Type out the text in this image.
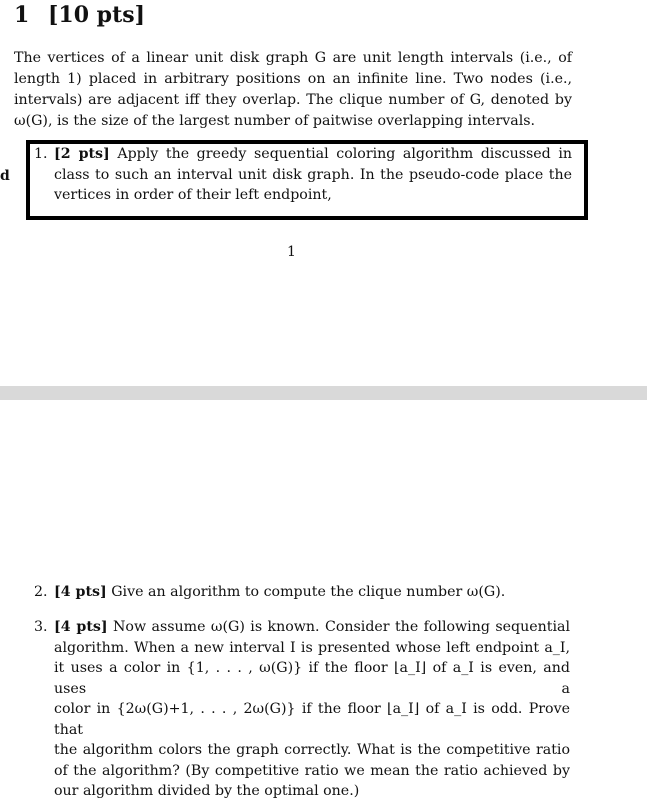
1 [10 pts]
The vertices of a linear unit disk graph G are unit length intervals (i.e., of
length 1) placed in arbitrary positions on an infinite line. Two nodes (i.e.,
intervals) are adjacent iff they overlap. The clique number of G, denoted by
ω(G), is the size of the largest number of paitwise overlapping intervals.
d
1. [2 pts] Apply the greedy sequential coloring algorithm discussed in
class to such an interval unit disk graph. In the pseudo-code place the
vertices in order of their left endpoint,
1
2. [4 pts] Give an algorithm to compute the clique number ω(G).
3. [4 pts] Now assume ω(G) is known. Consider the following sequential
algorithm. When a new interval I is presented whose left endpoint a_I,
it uses a color in {1, . . . , ω(G)} if the floor ⌊a_I⌋ of a_I is even, and uses a
color in {2ω(G)+1, . . . , 2ω(G)} if the floor ⌊a_I⌋ of a_I is odd. Prove that
the algorithm colors the graph correctly. What is the competitive ratio
of the algorithm? (By competitive ratio we mean the ratio achieved by
our algorithm divided by the optimal one.)
